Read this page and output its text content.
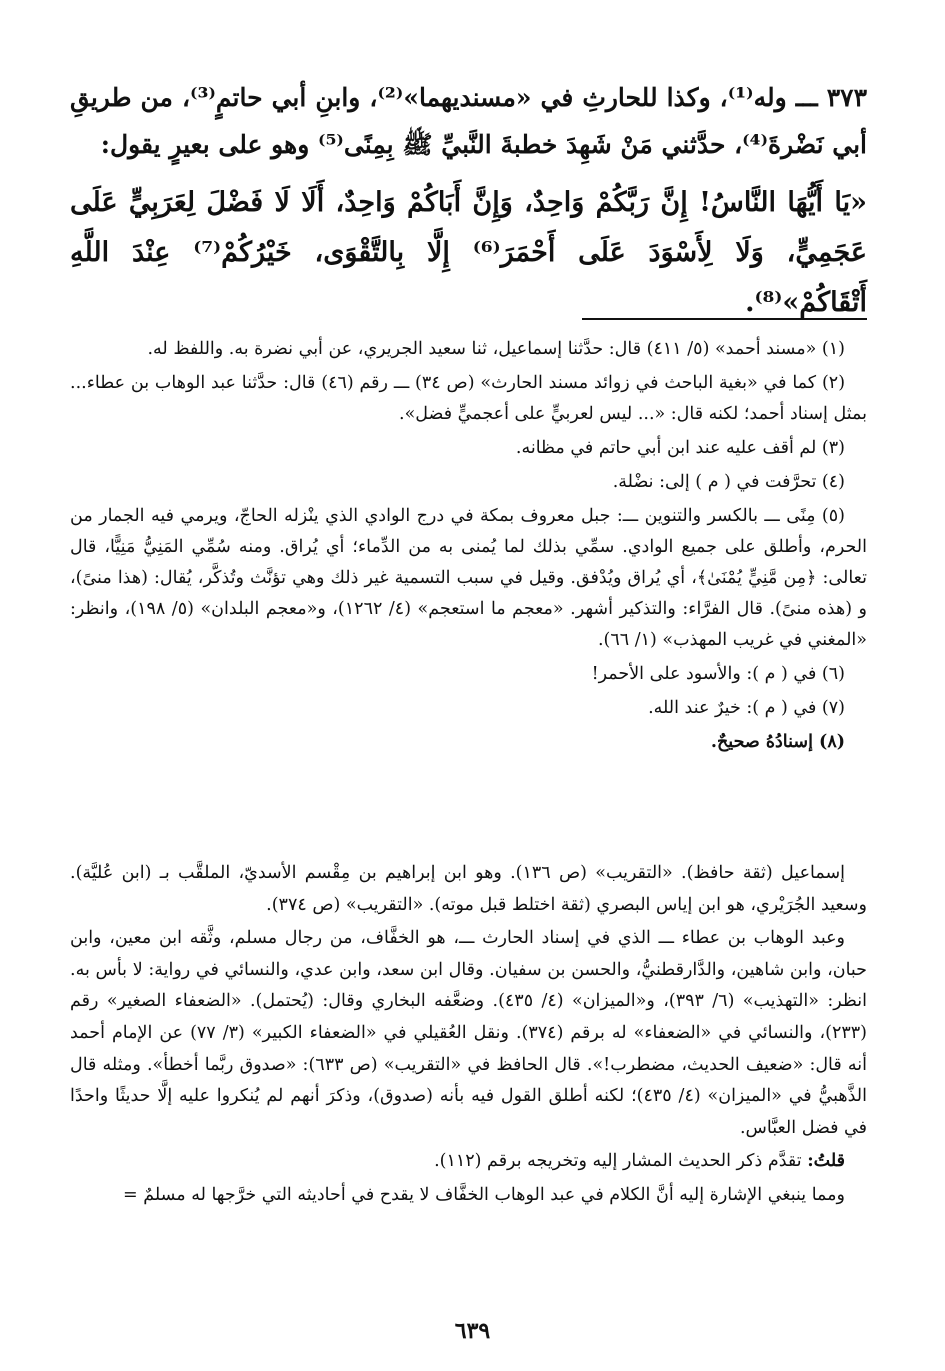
٣٧٣ ـــ وله⁽¹⁾، وكذا للحارثِ في «مسنديهما»⁽²⁾، وابنِ أبي حاتمٍ⁽³⁾، من طريقِ أبي نَضْرةَ⁽⁴⁾، حدَّثني مَنْ شَهِدَ خطبةَ النَّبيِّ ﷺ بِمِنًى⁽⁵⁾ وهو على بعيرٍ يقول:

«يَا أَيُّهَا النَّاسُ! إِنَّ رَبَّكُمْ وَاحِدٌ، وَإِنَّ أَبَاكُمْ وَاحِدٌ، أَلَا لَا فَضْلَ لِعَرَبِيٍّ عَلَى عَجَمِيٍّ، وَلَا لِأَسْوَدَ عَلَى أَحْمَرَ⁽⁶⁾ إِلَّا بِالتَّقْوَى، خَيْرُكُمْ⁽⁷⁾ عِنْدَ اللَّهِ أَتْقَاكُمْ»⁽⁸⁾.

(١) «مسند أحمد» (٥/ ٤١١) قال: حدَّثنا إسماعيل، ثنا سعيد الجريري، عن أبي نضرة به. واللفظ له.

(٢) كما في «بغية الباحث في زوائد مسند الحارث» (ص ٣٤) ـــ رقم (٤٦) قال: حدَّثنا عبد الوهاب بن عطاء... بمثل إسناد أحمد؛ لكنه قال: «... ليس لعربيٍّ على أعجميٍّ فضل».

(٣) لم أقف عليه عند ابن أبي حاتم في مظانه.

(٤) تحرَّفت في ( م ) إلى: نضْلة.

(٥) مِنًى ـــ بالكسر والتنوين ـــ: جبل معروف بمكة في درج الوادي الذي ينْزله الحاجّ، ويرمي فيه الجمار من الحرم، وأطلق على جميع الوادي. سمِّي بذلك لما يُمنى به من الدِّماء؛ أي يُراق. ومنه سُمِّي المَنِيُّ مَنِيًّا، قال تعالى: ﴿مِن مَّنِيٍّ يُمْنَىٰ﴾، أي يُراق ويُدْفق. وقيل في سبب التسمية غير ذلك وهي تؤنَّث وتُذكَّر، يُقال: (هذا منىً)، و (هذه منىً). قال الفرَّاء: والتذكير أشهر. «معجم ما استعجم» (٤/ ١٢٦٢)، و«معجم البلدان» (٥/ ١٩٨)، وانظر: «المغني في غريب المهذب» (١/ ٦٦).

(٦) في ( م ): والأسود على الأحمر!

(٧) في ( م ): خيرٌ عند الله.

(٨) إسنادُهُ صحيحٌ.

إسماعيل (ثقة حافظ). «التقريب» (ص ١٣٦). وهو ابن إبراهيم بن مِقْسم الأسديّ، الملقَّب بـ (ابن عُليَّة). وسعيد الجُرَيْري، هو ابن إياس البصري (ثقة اختلط قبل موته). «التقريب» (ص ٣٧٤).

وعبد الوهاب بن عطاء ـــ الذي في إسناد الحارث ـــ، هو الخفَّاف، من رجال مسلم، وثَّقه ابن معين، وابن حبان، وابن شاهين، والدَّارقطنيُّ، والحسن بن سفيان. وقال ابن سعد، وابن عدي، والنسائي في رواية: لا بأس به. انظر: «التهذيب» (٦/ ٣٩٣)، و«الميزان» (٤/ ٤٣٥). وضعَّفه البخاري وقال: (يُحتمل). «الضعفاء الصغير» رقم (٢٣٣)، والنسائي في «الضعفاء» له برقم (٣٧٤). ونقل العُقيلي في «الضعفاء الكبير» (٣/ ٧٧) عن الإمام أحمد أنه قال: «ضعيف الحديث، مضطرب!». قال الحافظ في «التقريب» (ص ٦٣٣): «صدوق ربَّما أخطأ». ومثله قال الذَّهبيُّ في «الميزان» (٤/ ٤٣٥)؛ لكنه أطلق القول فيه بأنه (صدوق)، وذكرَ أنهم لم يُنكروا عليه إلَّا حديثًا واحدًا في فضل العبَّاس.

قلتُ: تقدَّم ذكر الحديث المشار إليه وتخريجه برقم (١١٢).

ومما ينبغي الإشارة إليه أنَّ الكلام في عبد الوهاب الخفَّاف لا يقدح في أحاديثه التي خرَّجها له مسلمٌ =

٦٣٩
